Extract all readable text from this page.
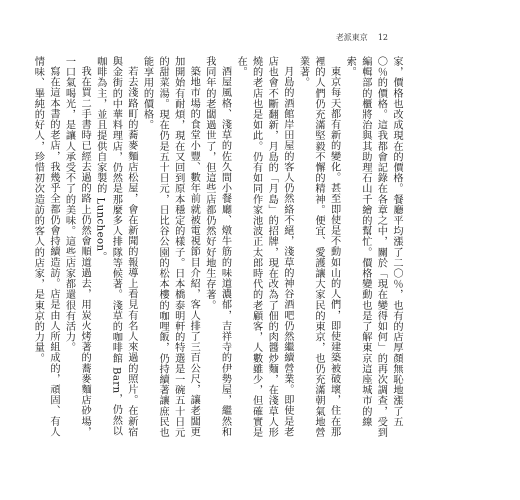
老派東京 12

家，價格也改成現在的價格。餐廳平均漲了二〇％，也有的店厚顏無恥地漲了五〇％的價格。這我都會記錄在各章之中，關於「現在變得如何」的再次調查，受到編輯部的櫃將治與其助理石山千繪的幫忙。價格變動也是了解東京這座城市的線索。

東京每天都有新的變化。甚至即使是不動如山的人們，即使建築被破壞，住在那裡的人們仍充滿堅毅不懈的精神。便宜、愛護讓大家民的東京，也仍充滿朝氣地營業著。

月島的酒館岸田屋的客人仍然絡不絕，淺草的神谷酒吧仍然繼續營業。即使是老店也會不斷翻新，月島的「月島」的招牌，現在改為了佃的肉醬炒麵，在淺草人形燒的老店也是如此。仍有如同作家池波正太郎時代的老顧客，人數雖少，但確實是在。

酒屋風格、淺草的佐久間小餐廳、燉牛筋的味道濃郁，吉祥寺的伊勢屋，繼然和我同年的老闆過世了，但這些店都仍然好好地生存著。

築地市場的食堂小豐、數年前就被電視節目介紹，客人排了三百公尺，讓老闆更加開始有耐煩，現在又回到原本穩定的樣子。日本橋泰明軒的特選是一碗五十日元的甜菜湯。現在仍是五十日元，日比谷公園的松本樓的咖哩飯，仍持續著讓庶民也能享用的價格。

若去淺路町的蕎麥麵店松屋，會在新聞的報導上看見有名人來過的照片。在新宿與金街的中華料理店，仍然是那麼多人排隊等候著。淺草的咖啡館 Barn，仍然以咖啡為主，並且提供自家製的 Luncheon。

我在買二手書時已經去過的路上仍然會順道過去，用炭火烤著的蕎麥麵店砂場，一口氣喝光，是讓人承受不了的美味。這些店家都還很有活力。

寫在這本書的老店，我幾乎全都仍會持續造訪。店是由人所組成的，頑固、有人情味、畢純的好人，珍惜初次造訪的客人的店家，是東京的力量。
